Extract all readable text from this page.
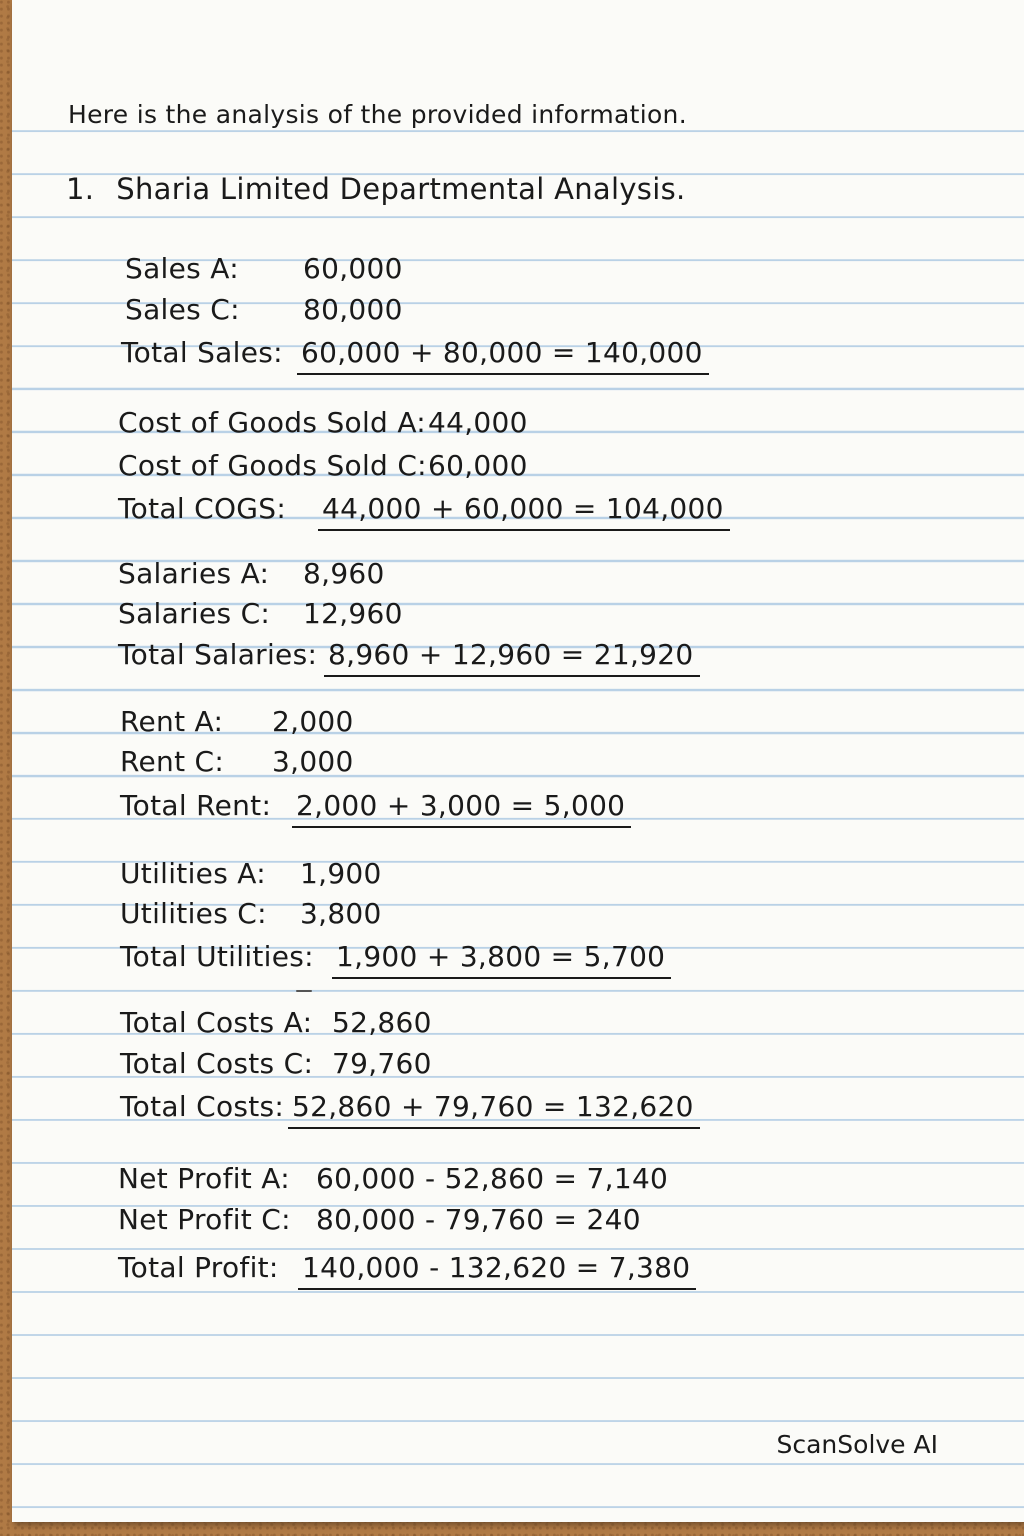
Here is the analysis of the provided information.
1. Sharia Limited Departmental Analysis.
Sales A: 60,000
Sales C: 80,000
Total Sales: 60,000 + 80,000 = 140,000
Cost of Goods Sold A: 44,000
Cost of Goods Sold C: 60,000
Total COGS: 44,000 + 60,000 = 104,000
Salaries A: 8,960
Salaries C: 12,960
Total Salaries: 8,960 + 12,960 = 21,920
Rent A: 2,000
Rent C: 3,000
Total Rent: 2,000 + 3,000 = 5,000
Utilities A: 1,900
Utilities C: 3,800
Total Utilities: 1,900 + 3,800 = 5,700
Total Costs A: 52,860
Total Costs C: 79,760
Total Costs: 52,860 + 79,760 = 132,620
Net Profit A: 60,000 - 52,860 = 7,140
Net Profit C: 80,000 - 79,760 = 240
Total Profit: 140,000 - 132,620 = 7,380
ScanSolve AI
